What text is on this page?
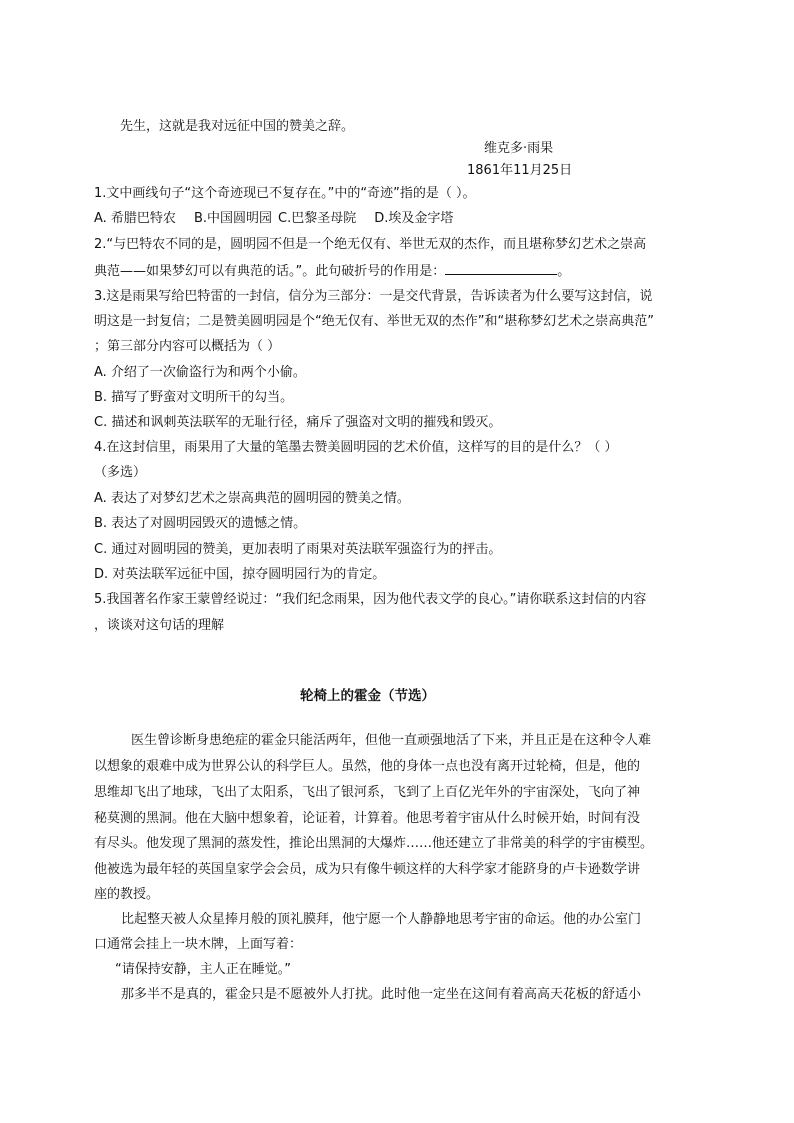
先生，这就是我对远征中国的赞美之辞。
维克多·雨果
1861年11月25日
1.文中画线句子“这个奇迹现已不复存在。”中的“奇迹”指的是（ ）。
A. 希腊巴特农 B.中国圆明园 C.巴黎圣母院 D.埃及金字塔
2.“与巴特农不同的是，圆明园不但是一个绝无仅有、举世无双的杰作，而且堪称梦幻艺术之崇高
典范——如果梦幻可以有典范的话。”。此句破折号的作用是：	。
3.这是雨果写给巴特雷的一封信，信分为三部分：一是交代背景，告诉读者为什么要写这封信，说
明这是一封复信；二是赞美圆明园是个“绝无仅有、举世无双的杰作”和“堪称梦幻艺术之崇高典范”
；第三部分内容可以概括为（ ）
A. 介绍了一次偷盗行为和两个小偷。
B. 描写了野蛮对文明所干的勾当。
C. 描述和讽刺英法联军的无耻行径，痛斥了强盗对文明的摧残和毁灭。
4.在这封信里，雨果用了大量的笔墨去赞美圆明园的艺术价值，这样写的目的是什么？（ ）
（多选）
A. 表达了对梦幻艺术之崇高典范的圆明园的赞美之情。
B. 表达了对圆明园毁灭的遗憾之情。
C. 通过对圆明园的赞美，更加表明了雨果对英法联军强盗行为的抨击。
D. 对英法联军远征中国，掠夺圆明园行为的肯定。
5.我国著名作家王蒙曾经说过：“我们纪念雨果，因为他代表文学的良心。”请你联系这封信的内容
，谈谈对这句话的理解
轮椅上的霍金（节选）
医生曾诊断身患绝症的霍金只能活两年，但他一直顽强地活了下来，并且正是在这种令人难
以想象的艰难中成为世界公认的科学巨人。虽然，他的身体一点也没有离开过轮椅，但是，他的
思维却飞出了地球，飞出了太阳系，飞出了银河系，飞到了上百亿光年外的宇宙深处，飞向了神
秘莫测的黑洞。他在大脑中想象着，论证着，计算着。他思考着宇宙从什么时候开始，时间有没
有尽头。他发现了黑洞的蒸发性，推论出黑洞的大爆炸……他还建立了非常美的科学的宇宙模型。
他被选为最年轻的英国皇家学会会员，成为只有像牛顿这样的大科学家才能跻身的卢卡逊数学讲
座的教授。
比起整天被人众星捧月般的顶礼膜拜，他宁愿一个人静静地思考宇宙的命运。他的办公室门
口通常会挂上一块木牌，上面写着：
“请保持安静，主人正在睡觉。”
那多半不是真的，霍金只是不愿被外人打扰。此时他一定坐在这间有着高高天花板的舒适小
